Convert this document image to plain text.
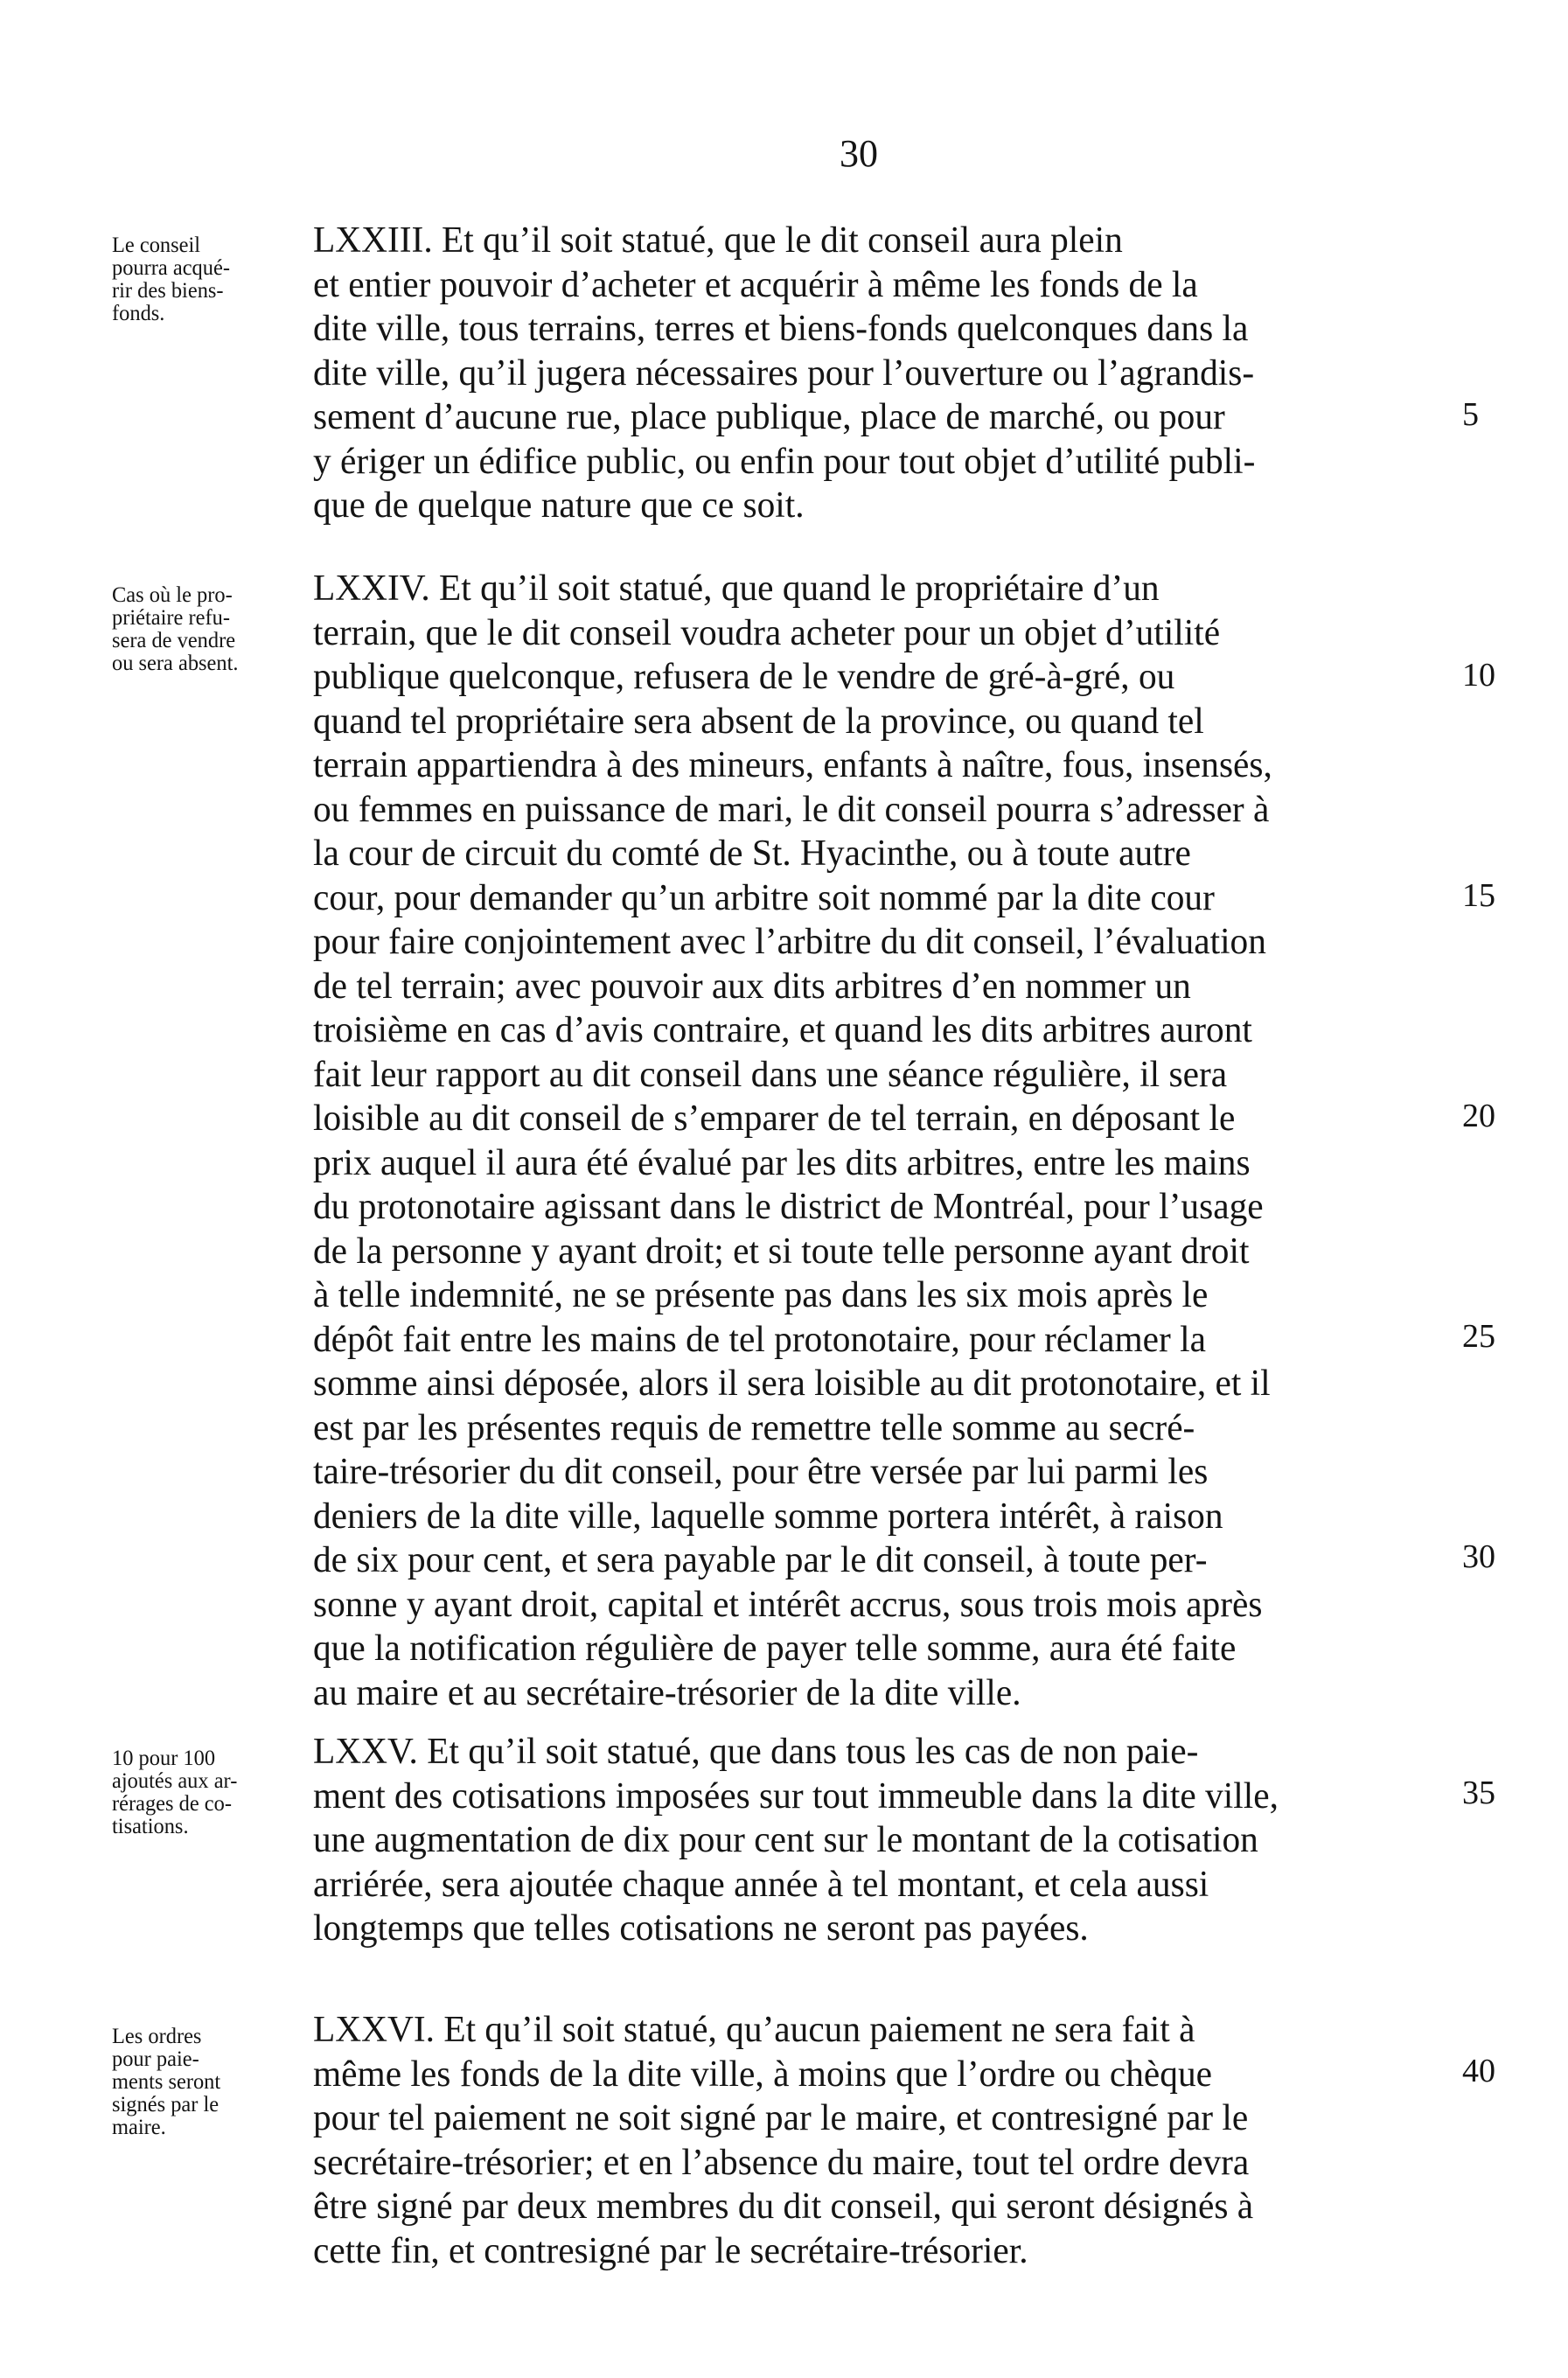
30
Le conseil
pourra acqué-
rir des biens-
fonds.
LXXIII. Et qu’il soit statué, que le dit conseil aura plein
et entier pouvoir d’acheter et acquérir à même les fonds de la
dite ville, tous terrains, terres et biens-fonds quelconques dans la
dite ville, qu’il jugera nécessaires pour l’ouverture ou l’agrandis-
sement d’aucune rue, place publique, place de marché, ou pour
y ériger un édifice public, ou enfin pour tout objet d’utilité publi-
que de quelque nature que ce soit.
Cas où le pro-
priétaire refu-
sera de vendre
ou sera absent.
LXXIV. Et qu’il soit statué, que quand le propriétaire d’un
terrain, que le dit conseil voudra acheter pour un objet d’utilité
publique quelconque, refusera de le vendre de gré-à-gré, ou
quand tel propriétaire sera absent de la province, ou quand tel
terrain appartiendra à des mineurs, enfants à naître, fous, insensés,
ou femmes en puissance de mari, le dit conseil pourra s’adresser à
la cour de circuit du comté de St. Hyacinthe, ou à toute autre
cour, pour demander qu’un arbitre soit nommé par la dite cour
pour faire conjointement avec l’arbitre du dit conseil, l’évaluation
de tel terrain; avec pouvoir aux dits arbitres d’en nommer un
troisième en cas d’avis contraire, et quand les dits arbitres auront
fait leur rapport au dit conseil dans une séance régulière, il sera
loisible au dit conseil de s’emparer de tel terrain, en déposant le
prix auquel il aura été évalué par les dits arbitres, entre les mains
du protonotaire agissant dans le district de Montréal, pour l’usage
de la personne y ayant droit; et si toute telle personne ayant droit
à telle indemnité, ne se présente pas dans les six mois après le
dépôt fait entre les mains de tel protonotaire, pour réclamer la
somme ainsi déposée, alors il sera loisible au dit protonotaire, et il
est par les présentes requis de remettre telle somme au secré-
taire-trésorier du dit conseil, pour être versée par lui parmi les
deniers de la dite ville, laquelle somme portera intérêt, à raison
de six pour cent, et sera payable par le dit conseil, à toute per-
sonne y ayant droit, capital et intérêt accrus, sous trois mois après
que la notification régulière de payer telle somme, aura été faite
au maire et au secrétaire-trésorier de la dite ville.
10 pour 100
ajoutés aux ar-
rérages de co-
tisations.
LXXV. Et qu’il soit statué, que dans tous les cas de non paie-
ment des cotisations imposées sur tout immeuble dans la dite ville,
une augmentation de dix pour cent sur le montant de la cotisation
arriérée, sera ajoutée chaque année à tel montant, et cela aussi
longtemps que telles cotisations ne seront pas payées.
Les ordres
pour paie-
ments seront
signés par le
maire.
LXXVI. Et qu’il soit statué, qu’aucun paiement ne sera fait à
même les fonds de la dite ville, à moins que l’ordre ou chèque
pour tel paiement ne soit signé par le maire, et contresigné par le
secrétaire-trésorier; et en l’absence du maire, tout tel ordre devra
être signé par deux membres du dit conseil, qui seront désignés à
cette fin, et contresigné par le secrétaire-trésorier.
5
10
15
20
25
30
35
40
